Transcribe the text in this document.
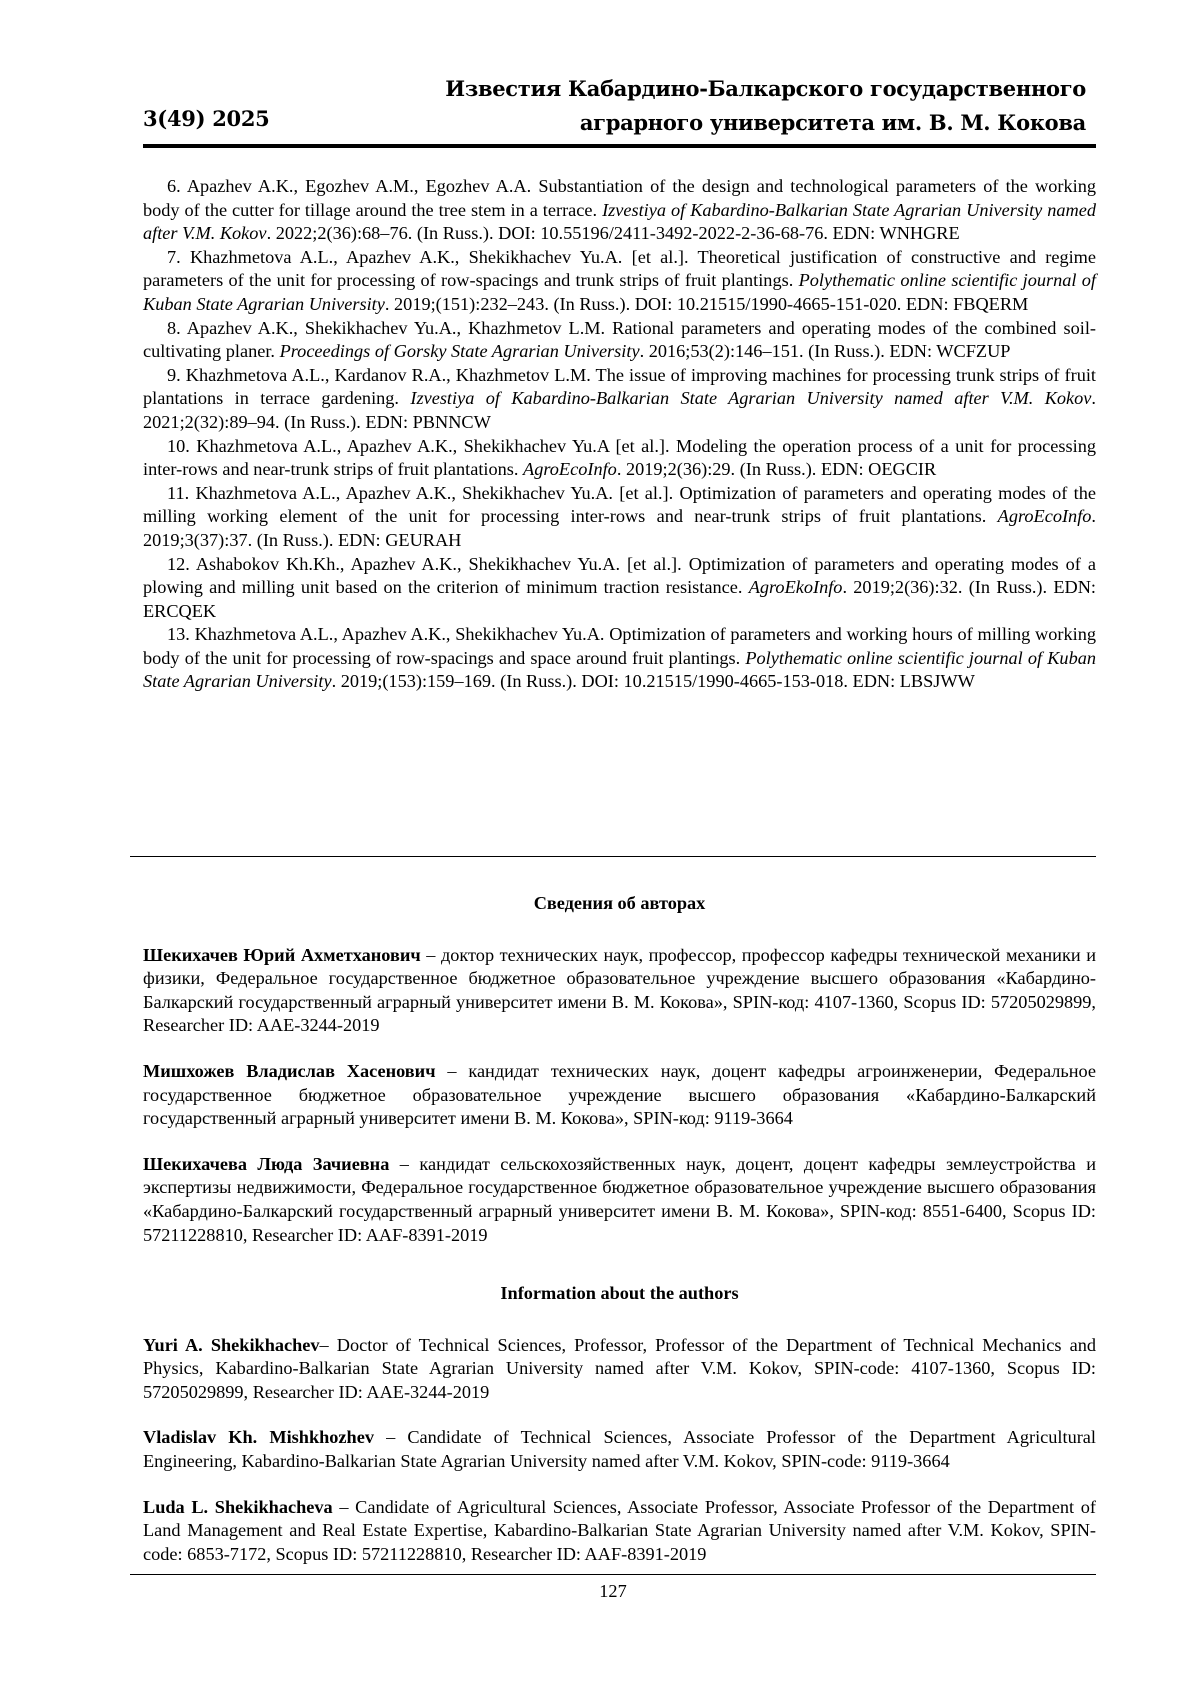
3(49) 2025
Известия Кабардино-Балкарского государственного
аграрного университета им. В. М. Кокова

6. Apazhev A.K., Egozhev A.M., Egozhev A.A. Substantiation of the design and technological parameters of the working body of the cutter for tillage around the tree stem in a terrace. Izvestiya of Kabardino-Balkarian State Agrarian University named after V.M. Kokov. 2022;2(36):68–76. (In Russ.). DOI: 10.55196/2411-3492-2022-2-36-68-76. EDN: WNHGRE

7. Khazhmetova A.L., Apazhev A.K., Shekikhachev Yu.A. [et al.]. Theoretical justification of constructive and regime parameters of the unit for processing of row-spacings and trunk strips of fruit plantings. Polythematic online scientific journal of Kuban State Agrarian University. 2019;(151):232–243. (In Russ.). DOI: 10.21515/1990-4665-151-020. EDN: FBQERM

8. Apazhev A.K., Shekikhachev Yu.A., Khazhmetov L.M. Rational parameters and operating modes of the combined soil-cultivating planer. Proceedings of Gorsky State Agrarian University. 2016;53(2):146–151. (In Russ.). EDN: WCFZUP

9. Khazhmetova A.L., Kardanov R.A., Khazhmetov L.M. The issue of improving machines for processing trunk strips of fruit plantations in terrace gardening. Izvestiya of Kabardino-Balkarian State Agrarian University named after V.M. Kokov. 2021;2(32):89–94. (In Russ.). EDN: PBNNCW

10. Khazhmetova A.L., Apazhev A.K., Shekikhachev Yu.A [et al.]. Modeling the operation process of a unit for processing inter-rows and near-trunk strips of fruit plantations. AgroEcoInfo. 2019;2(36):29. (In Russ.). EDN: OEGCIR

11. Khazhmetova A.L., Apazhev A.K., Shekikhachev Yu.A. [et al.]. Optimization of parameters and operating modes of the milling working element of the unit for processing inter-rows and near-trunk strips of fruit plantations. AgroEcoInfo. 2019;3(37):37. (In Russ.). EDN: GEURAH

12. Ashabokov Kh.Kh., Apazhev A.K., Shekikhachev Yu.A. [et al.]. Optimization of parameters and operating modes of a plowing and milling unit based on the criterion of minimum traction resistance. AgroEkoInfo. 2019;2(36):32. (In Russ.). EDN: ERCQEK

13. Khazhmetova A.L., Apazhev A.K., Shekikhachev Yu.A. Optimization of parameters and working hours of milling working body of the unit for processing of row-spacings and space around fruit plantings. Polythematic online scientific journal of Kuban State Agrarian University. 2019;(153):159–169. (In Russ.). DOI: 10.21515/1990-4665-153-018. EDN: LBSJWW

Сведения об авторах

Шекихачев Юрий Ахметханович – доктор технических наук, профессор, профессор кафедры технической механики и физики, Федеральное государственное бюджетное образовательное учреждение высшего образования «Кабардино-Балкарский государственный аграрный университет имени В. М. Кокова», SPIN-код: 4107-1360, Scopus ID: 57205029899, Researcher ID: AAE-3244-2019

Мишхожев Владислав Хасенович – кандидат технических наук, доцент кафедры агроинженерии, Федеральное государственное бюджетное образовательное учреждение высшего образования «Кабардино-Балкарский государственный аграрный университет имени В. М. Кокова», SPIN-код: 9119-3664

Шекихачева Люда Зачиевна – кандидат сельскохозяйственных наук, доцент, доцент кафедры землеустройства и экспертизы недвижимости, Федеральное государственное бюджетное образовательное учреждение высшего образования «Кабардино-Балкарский государственный аграрный университет имени В. М. Кокова», SPIN-код: 8551-6400, Scopus ID: 57211228810, Researcher ID: AAF-8391-2019

Information about the authors

Yuri A. Shekikhachev– Doctor of Technical Sciences, Professor, Professor of the Department of Technical Mechanics and Physics, Kabardino-Balkarian State Agrarian University named after V.M. Kokov, SPIN-code: 4107-1360, Scopus ID: 57205029899, Researcher ID: AAE-3244-2019

Vladislav Kh. Mishkhozhev – Candidate of Technical Sciences, Associate Professor of the Department Agricultural Engineering, Kabardino-Balkarian State Agrarian University named after V.M. Kokov, SPIN-code: 9119-3664

Luda L. Shekikhacheva – Candidate of Agricultural Sciences, Associate Professor, Associate Professor of the Department of Land Management and Real Estate Expertise, Kabardino-Balkarian State Agrarian University named after V.M. Kokov, SPIN-code: 6853-7172, Scopus ID: 57211228810, Researcher ID: AAF-8391-2019

127
